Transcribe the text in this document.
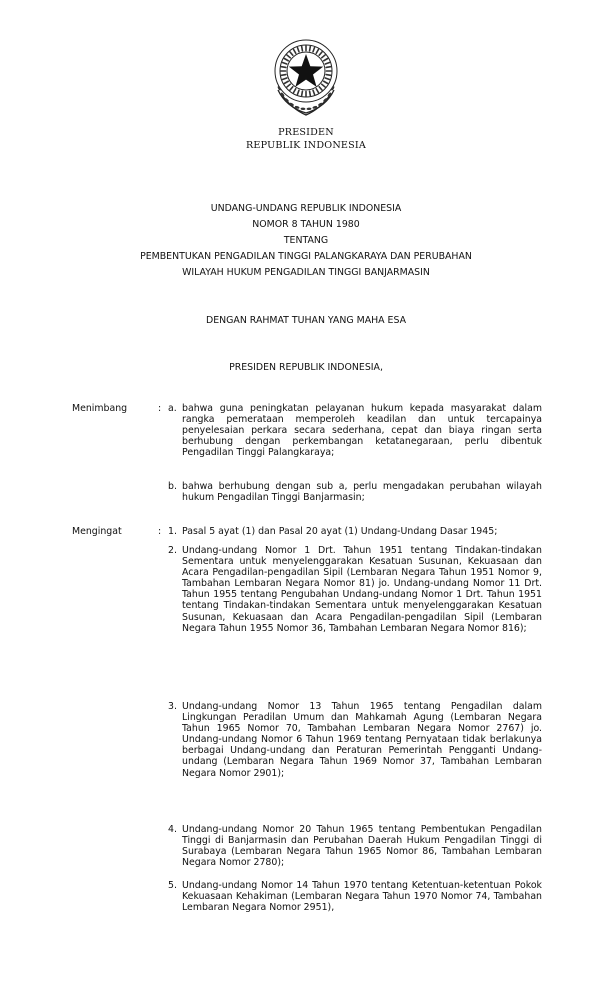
PRESIDEN
REPUBLIK INDONESIA
UNDANG-UNDANG REPUBLIK INDONESIA
NOMOR 8 TAHUN 1980
TENTANG
PEMBENTUKAN PENGADILAN TINGGI PALANGKARAYA DAN PERUBAHAN
WILAYAH HUKUM PENGADILAN TINGGI BANJARMASIN
DENGAN RAHMAT TUHAN YANG MAHA ESA
PRESIDEN REPUBLIK INDONESIA,
Menimbang	: a. bahwa guna peningkatan pelayanan hukum kepada masyarakat dalam rangka pemerataan memperoleh keadilan dan untuk tercapainya penyelesaian perkara secara sederhana, cepat dan biaya ringan serta berhubung dengan perkembangan ketatanegaraan, perlu dibentuk Pengadilan Tinggi Palangkaraya;
b. bahwa berhubung dengan sub a, perlu mengadakan perubahan wilayah hukum Pengadilan Tinggi Banjarmasin;
Mengingat	: 1. Pasal 5 ayat (1) dan Pasal 20 ayat (1) Undang-Undang Dasar 1945;
2. Undang-undang Nomor 1 Drt. Tahun 1951 tentang Tindakan-tindakan Sementara untuk menyelenggarakan Kesatuan Susunan, Kekuasaan dan Acara Pengadilan-pengadilan Sipil (Lembaran Negara Tahun 1951 Nomor 9, Tambahan Lembaran Negara Nomor 81) jo. Undang-undang Nomor 11 Drt. Tahun 1955 tentang Pengubahan Undang-undang Nomor 1 Drt. Tahun 1951 tentang Tindakan-tindakan Sementara untuk menyelenggarakan Kesatuan Susunan, Kekuasaan dan Acara Pengadilan-pengadilan Sipil (Lembaran Negara Tahun 1955 Nomor 36, Tambahan Lembaran Negara Nomor 816);
3. Undang-undang Nomor 13 Tahun 1965 tentang Pengadilan dalam Lingkungan Peradilan Umum dan Mahkamah Agung (Lembaran Negara Tahun 1965 Nomor 70, Tambahan Lembaran Negara Nomor 2767) jo. Undang-undang Nomor 6 Tahun 1969 tentang Pernyataan tidak berlakunya berbagai Undang-undang dan Peraturan Pemerintah Pengganti Undang-undang (Lembaran Negara Tahun 1969 Nomor 37, Tambahan Lembaran Negara Nomor 2901);
4. Undang-undang Nomor 20 Tahun 1965 tentang Pembentukan Pengadilan Tinggi di Banjarmasin dan Perubahan Daerah Hukum Pengadilan Tinggi di Surabaya (Lembaran Negara Tahun 1965 Nomor 86, Tambahan Lembaran Negara Nomor 2780);
5. Undang-undang Nomor 14 Tahun 1970 tentang Ketentuan-ketentuan Pokok Kekuasaan Kehakiman (Lembaran Negara Tahun 1970 Nomor 74, Tambahan Lembaran Negara Nomor 2951),
